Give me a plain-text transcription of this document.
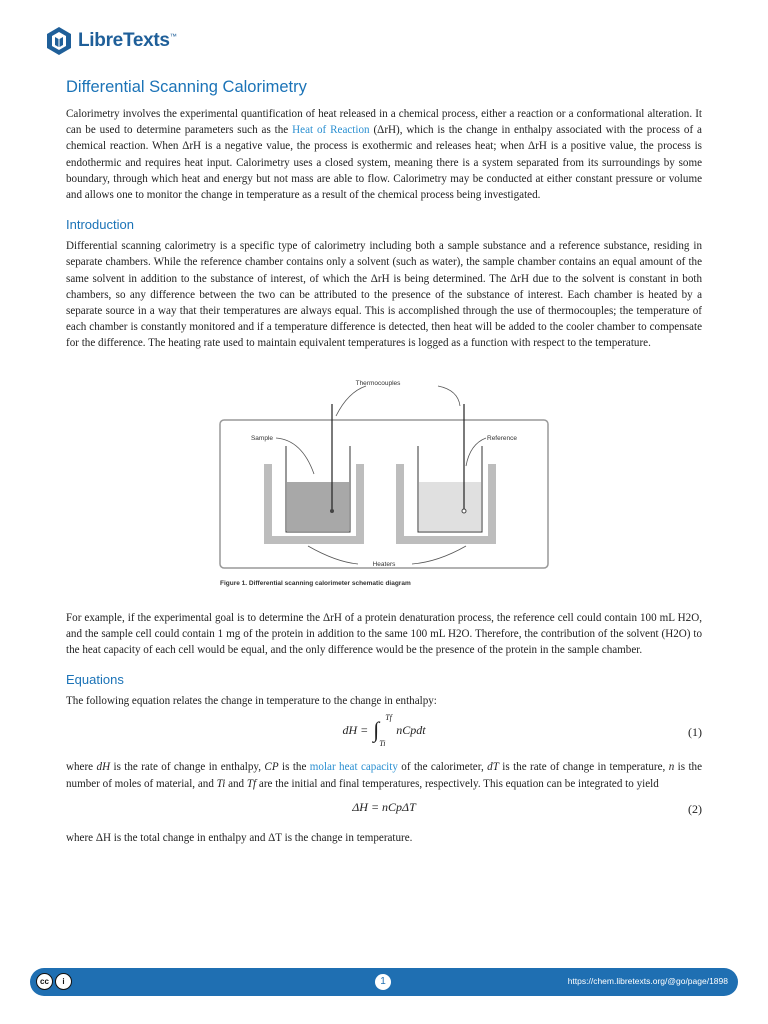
LibreTexts™
Differential Scanning Calorimetry

Calorimetry involves the experimental quantification of heat released in a chemical process, either a reaction or a conformational alteration. It can be used to determine parameters such as the Heat of Reaction (ΔrH), which is the change in enthalpy associated with the process of a chemical reaction. When ΔrH is a negative value, the process is exothermic and releases heat; when ΔrH is a positive value, the process is endothermic and requires heat input. Calorimetry uses a closed system, meaning there is a system separated from its surroundings by some boundary, through which heat and energy but not mass are able to flow. Calorimetry may be conducted at either constant pressure or volume and allows one to monitor the change in temperature as a result of the chemical process being investigated.

Introduction

Differential scanning calorimetry is a specific type of calorimetry including both a sample substance and a reference substance, residing in separate chambers. While the reference chamber contains only a solvent (such as water), the sample chamber contains an equal amount of the same solvent in addition to the substance of interest, of which the ΔrH is being determined. The ΔrH due to the solvent is constant in both chambers, so any difference between the two can be attributed to the presence of the substance of interest. Each chamber is heated by a separate source in a way that their temperatures are always equal. This is accomplished through the use of thermocouples; the temperature of each chamber is constantly monitored and if a temperature difference is detected, then heat will be added to the cooler chamber to compensate for the difference. The heating rate used to maintain equivalent temperatures is logged as a function with respect to the temperature.

Thermocouples
Sample	Reference
Heaters
Figure 1. Differential scanning calorimeter schematic diagram

For example, if the experimental goal is to determine the ΔrH of a protein denaturation process, the reference cell could contain 100 mL H2O, and the sample cell could contain 1 mg of the protein in addition to the same 100 mL H2O. Therefore, the contribution of the solvent (H2O) to the heat capacity of each cell would be equal, and the only difference would be the presence of the protein in the sample chamber.

Equations

The following equation relates the change in temperature to the change in enthalpy:

dH = ∫ Tf
Ti
nCpdt	(1)

where dH is the rate of change in enthalpy, CP is the molar heat capacity of the calorimeter, dT is the rate of change in temperature, n is the number of moles of material, and Ti and Tf are the initial and final temperatures, respectively. This equation can be integrated to yield

ΔH = nCpΔT	(2)

where ΔH is the total change in enthalpy and ΔT is the change in temperature.

cc	i	1	https://chem.libretexts.org/@go/page/1898
